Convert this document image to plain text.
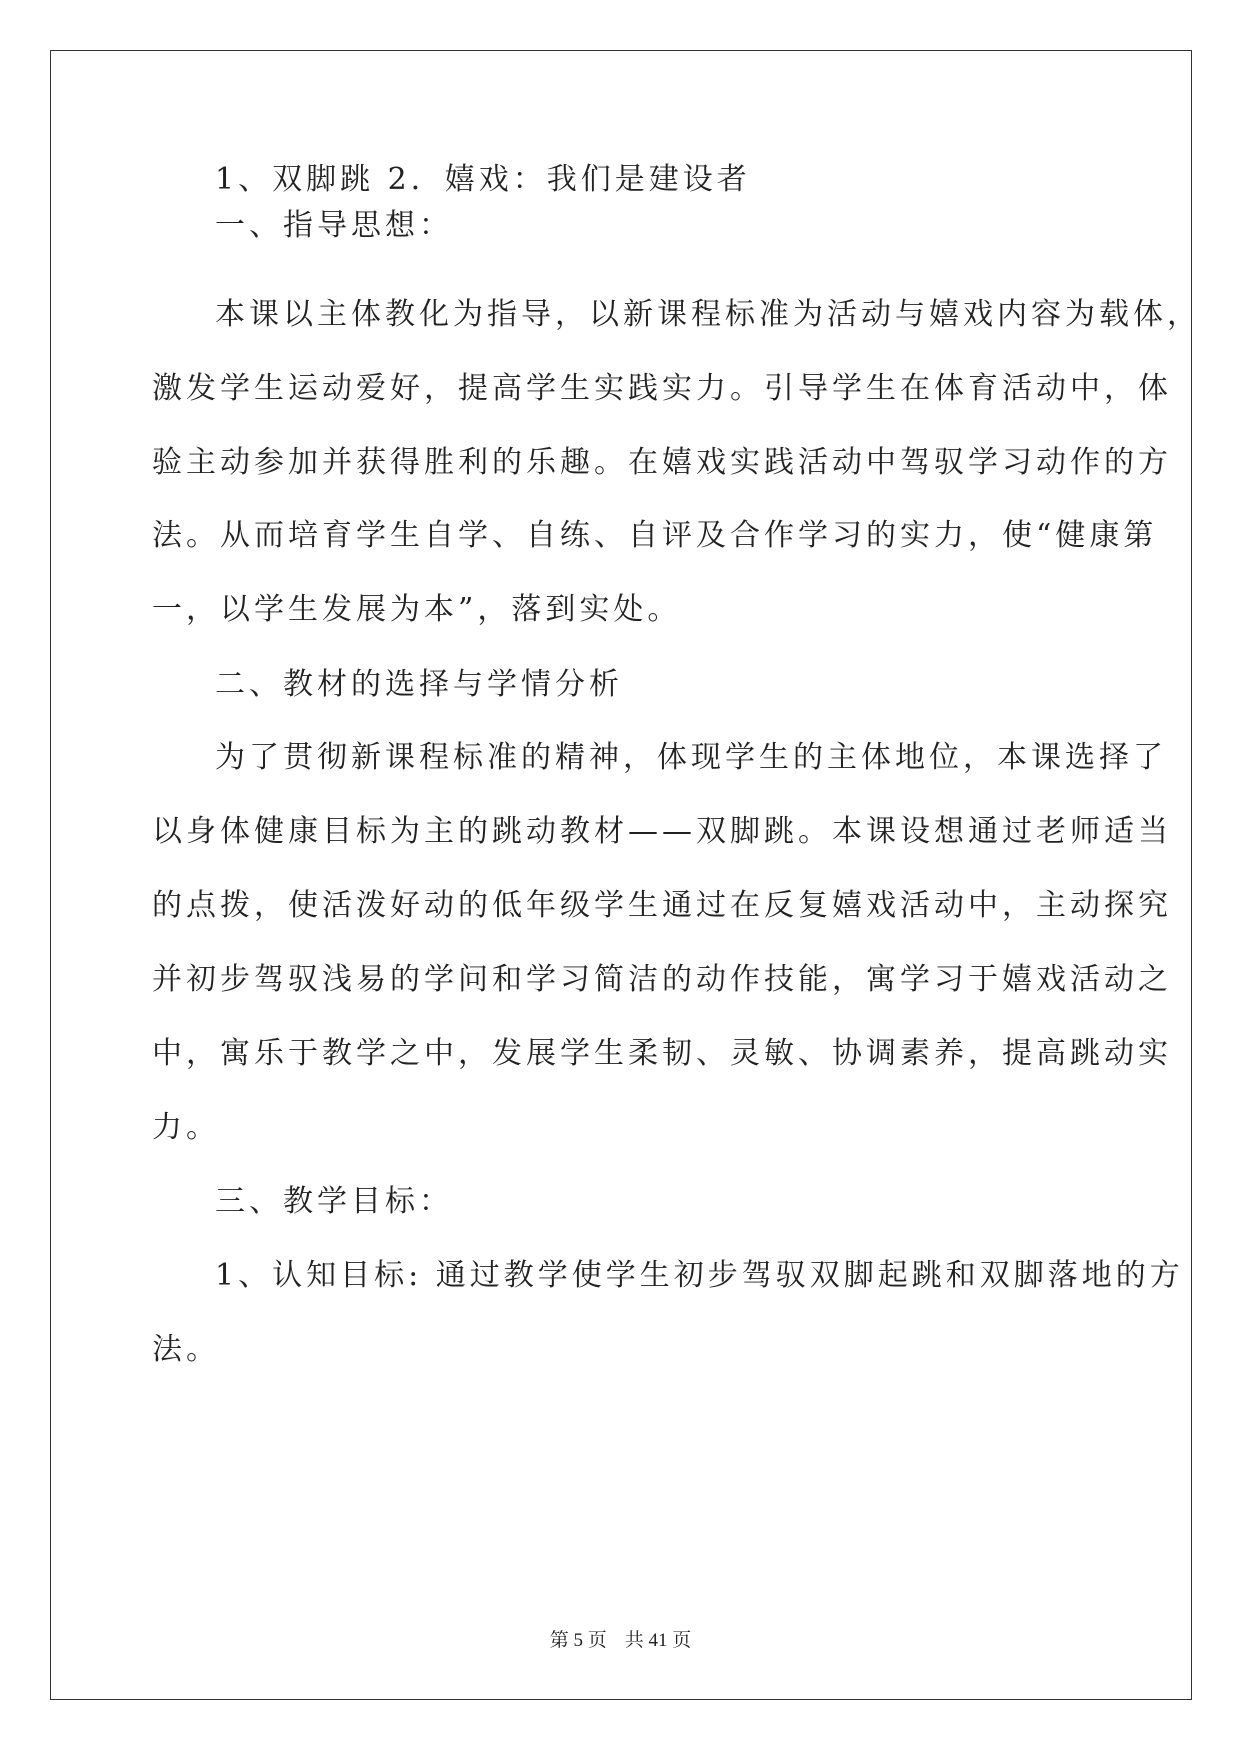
1、双脚跳 2．嬉戏：我们是建设者
一、指导思想：
本课以主体教化为指导，以新课程标准为活动与嬉戏内容为载体，
激发学生运动爱好，提高学生实践实力。引导学生在体育活动中，体
验主动参加并获得胜利的乐趣。在嬉戏实践活动中驾驭学习动作的方
法。从而培育学生自学、自练、自评及合作学习的实力，使“健康第
一，以学生发展为本”，落到实处。
二、教材的选择与学情分析
为了贯彻新课程标准的精神，体现学生的主体地位，本课选择了
以身体健康目标为主的跳动教材——双脚跳。本课设想通过老师适当
的点拨，使活泼好动的低年级学生通过在反复嬉戏活动中，主动探究
并初步驾驭浅易的学问和学习简洁的动作技能，寓学习于嬉戏活动之
中，寓乐于教学之中，发展学生柔韧、灵敏、协调素养，提高跳动实
力。
三、教学目标：
1、认知目标: 通过教学使学生初步驾驭双脚起跳和双脚落地的方
法。
第 5 页 共 41 页
